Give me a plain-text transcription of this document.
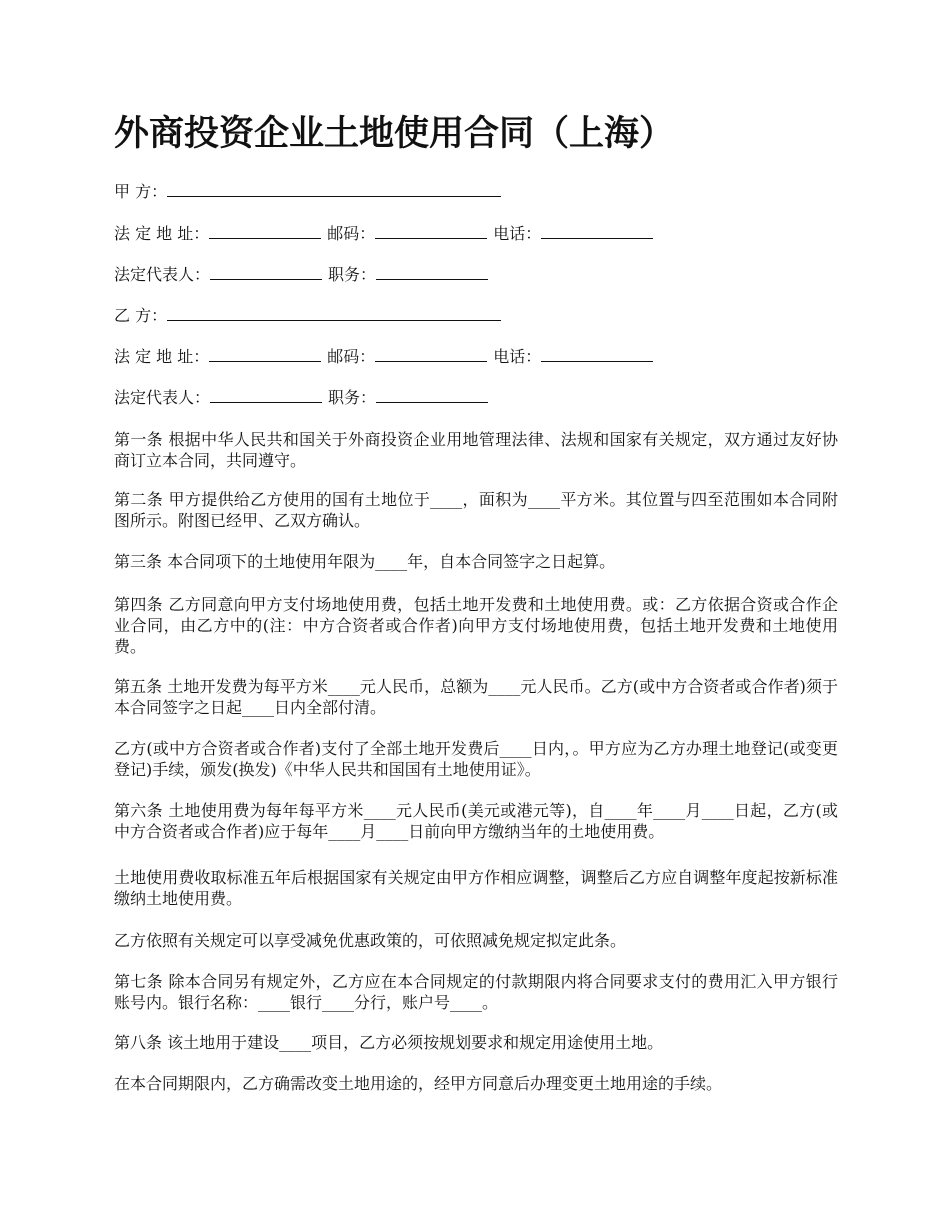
外商投资企业土地使用合同（上海）

甲 方：

法 定 地 址：	邮码：	电话：

法定代表人：	职务：

乙 方：

法 定 地 址：	邮码：	电话：

法定代表人：	职务：

第一条 根据中华人民共和国关于外商投资企业用地管理法律、法规和国家有关规定，双方通过友好协商订立本合同，共同遵守。

第二条 甲方提供给乙方使用的国有土地位于____，面积为____平方米。其位置与四至范围如本合同附图所示。附图已经甲、乙双方确认。

第三条 本合同项下的土地使用年限为____年，自本合同签字之日起算。

第四条 乙方同意向甲方支付场地使用费，包括土地开发费和土地使用费。或：乙方依据合资或合作企业合同，由乙方中的(注：中方合资者或合作者)向甲方支付场地使用费，包括土地开发费和土地使用费。

第五条 土地开发费为每平方米____元人民币，总额为____元人民币。乙方(或中方合资者或合作者)须于本合同签字之日起____日内全部付清。

乙方(或中方合资者或合作者)支付了全部土地开发费后____日内，。甲方应为乙方办理土地登记(或变更登记)手续，颁发(换发)《中华人民共和国国有土地使用证》。

第六条 土地使用费为每年每平方米____元人民币(美元或港元等)，自____年____月____日起，乙方(或中方合资者或合作者)应于每年____月____日前向甲方缴纳当年的土地使用费。

土地使用费收取标准五年后根据国家有关规定由甲方作相应调整，调整后乙方应自调整年度起按新标准缴纳土地使用费。

乙方依照有关规定可以享受减免优惠政策的，可依照减免规定拟定此条。

第七条 除本合同另有规定外，乙方应在本合同规定的付款期限内将合同要求支付的费用汇入甲方银行账号内。银行名称：____银行____分行，账户号____。

第八条 该土地用于建设____项目，乙方必须按规划要求和规定用途使用土地。

在本合同期限内，乙方确需改变土地用途的，经甲方同意后办理变更土地用途的手续。
